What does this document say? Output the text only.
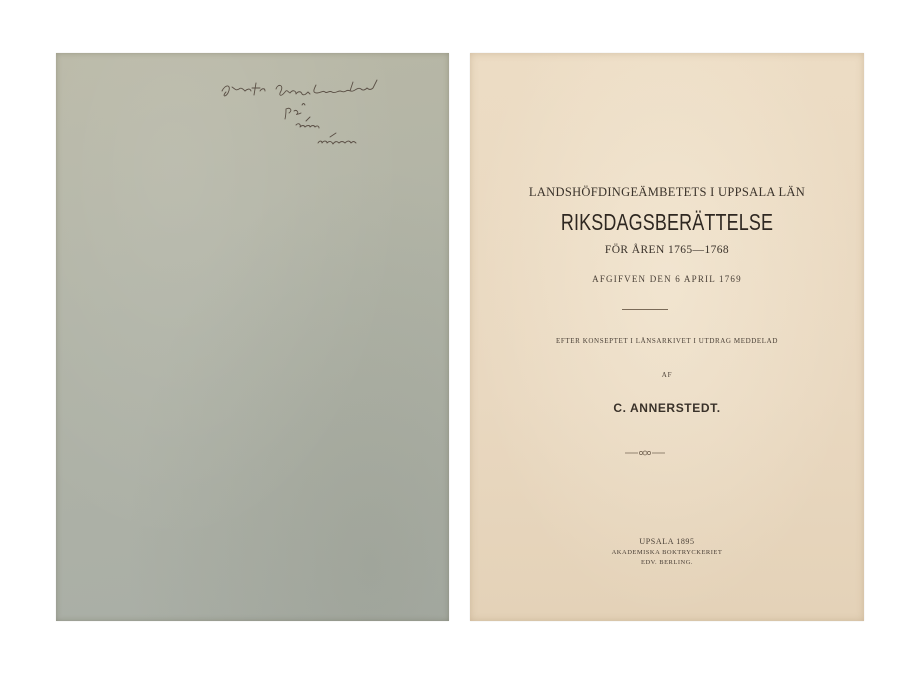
LANDSHÖFDINGEÄMBETETS I UPPSALA LÄN
RIKSDAGSBERÄTTELSE
FÖR ÅREN 1765—1768
AFGIFVEN DEN 6 APRIL 1769
EFTER KONSEPTET I LÅNSARKIVET I UTDRAG MEDDELAD
AF
C. ANNERSTEDT.
UPSALA 1895
AKADEMISKA BOKTRYCKERIET
EDV. BERLING.
